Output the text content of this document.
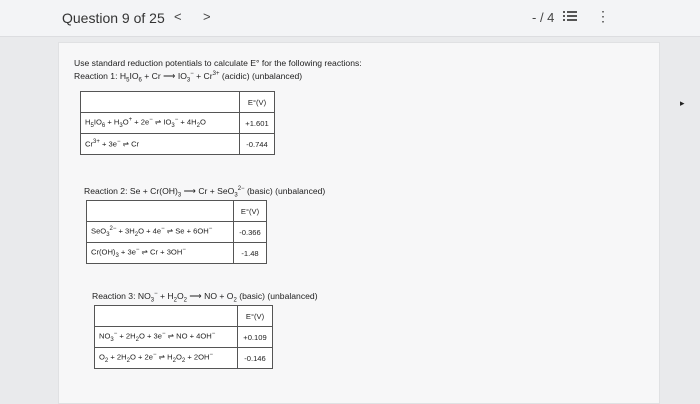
Question 9 of 25 < >	- / 4	⋮
Use standard reduction potentials to calculate E° for the following reactions:
Reaction 1: $H_5IO_6 + Cr$ ⟶ $IO_3^- + Cr^{3+}$ (acidic) (unbalanced)
	E°(V)
$H_5IO_6 + H_3O^+ + 2e^-$ ⇌ $IO_3^- + 4H_2O$	+1.601
$Cr^{3+} + 3e^-$ ⇌ Cr	-0.744
Reaction 2: $Se + Cr(OH)_3$ ⟶ Cr + SeO$_3^{2-}$ (basic) (unbalanced)
	E°(V)
$SeO_3^{2-} + 3H_2O + 4e^-$ ⇌ Se + 6OH−	-0.366
$Cr(OH)_3 + 3e^-$ ⇌ Cr + 3OH−	-1.48
Reaction 3: $NO_3^- + H_2O_2$ ⟶ NO + $O_2$ (basic) (unbalanced)
	E°(V)
$NO_3^- + 2H_2O + 3e^-$ ⇌ NO + 4OH−	+0.109
$O_2 + 2H_2O + 2e^-$ ⇌ $H_2O_2 + 2OH^-$	-0.146
▸
